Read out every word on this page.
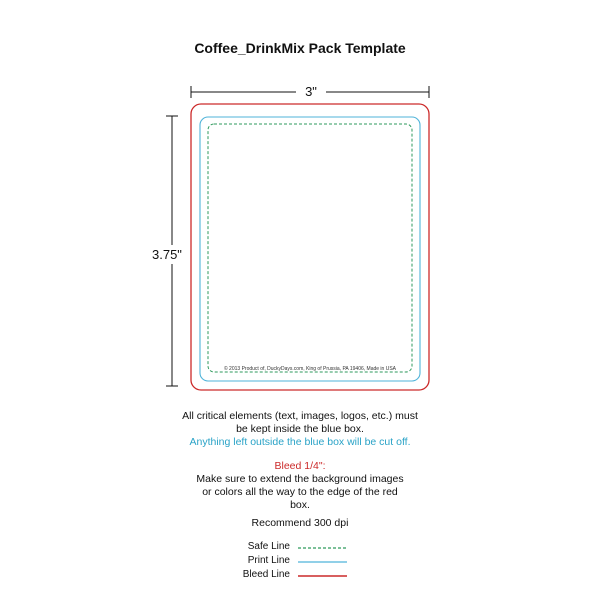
Coffee_DrinkMix Pack Template
3"
3.75"
© 2013 Product of, DuckyDays.com, King of Prussia, PA 19406, Made in USA
All critical elements (text, images, logos, etc.) must be kept inside the blue box.
Anything left outside the blue box will be cut off.
Bleed 1/4":
Make sure to extend the background images or colors all the way to the edge of the red box.
Recommend 300 dpi
Safe Line
Print Line
Bleed Line
